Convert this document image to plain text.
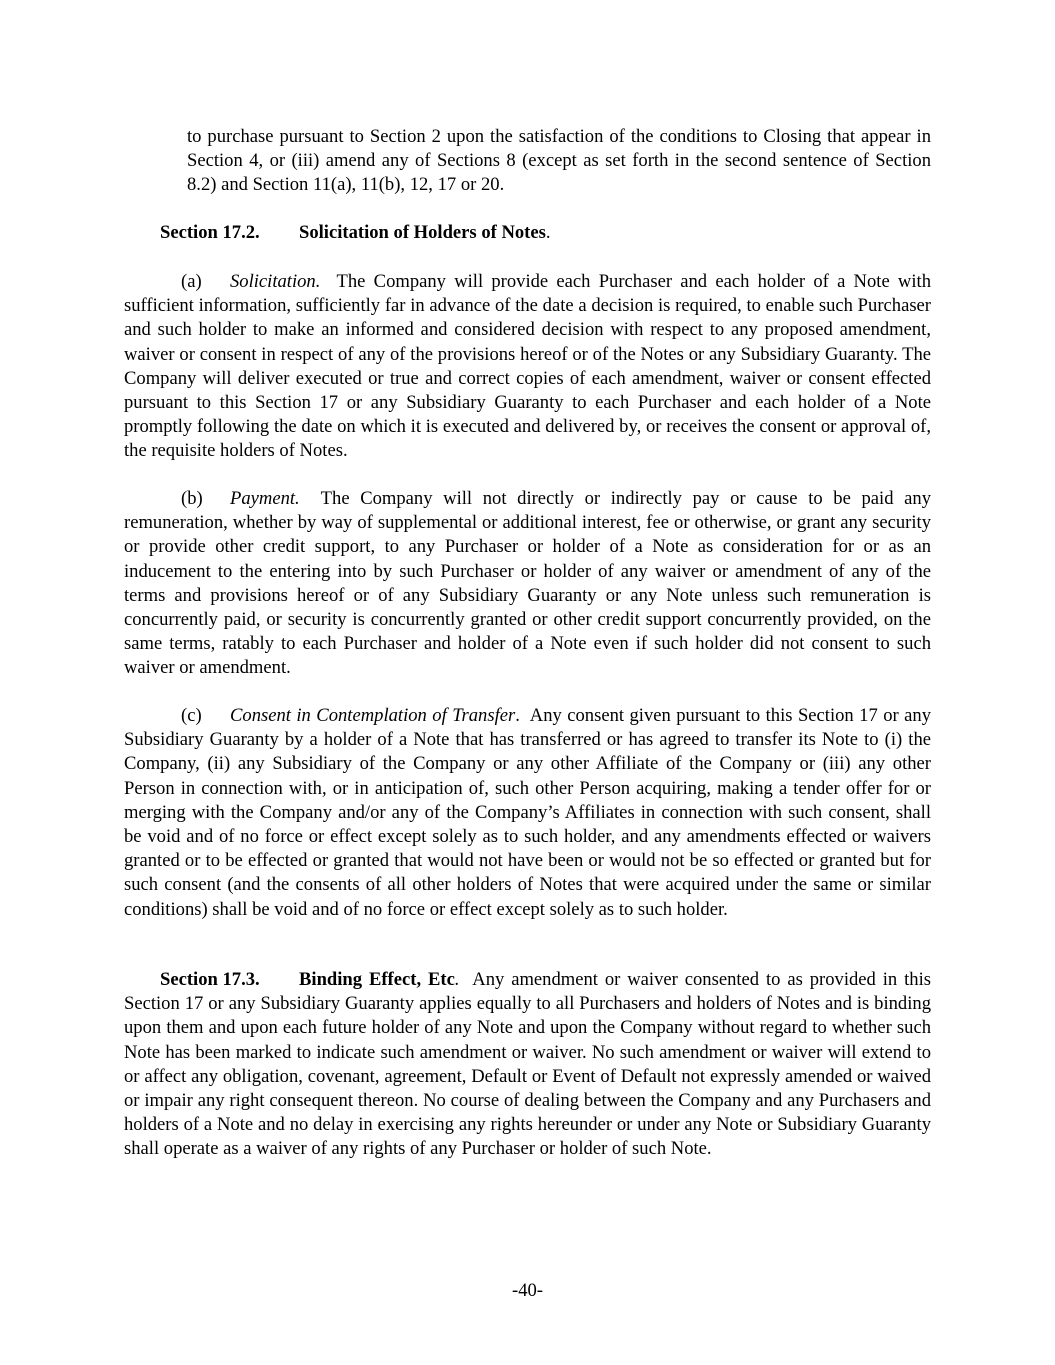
to purchase pursuant to Section 2 upon the satisfaction of the conditions to Closing that appear in Section 4, or (iii) amend any of Sections 8 (except as set forth in the second sentence of Section 8.2) and Section 11(a), 11(b), 12, 17 or 20.

Section 17.2. Solicitation of Holders of Notes.

(a) Solicitation. The Company will provide each Purchaser and each holder of a Note with sufficient information, sufficiently far in advance of the date a decision is required, to enable such Purchaser and such holder to make an informed and considered decision with respect to any proposed amendment, waiver or consent in respect of any of the provisions hereof or of the Notes or any Subsidiary Guaranty. The Company will deliver executed or true and correct copies of each amendment, waiver or consent effected pursuant to this Section 17 or any Subsidiary Guaranty to each Purchaser and each holder of a Note promptly following the date on which it is executed and delivered by, or receives the consent or approval of, the requisite holders of Notes.

(b) Payment. The Company will not directly or indirectly pay or cause to be paid any remuneration, whether by way of supplemental or additional interest, fee or otherwise, or grant any security or provide other credit support, to any Purchaser or holder of a Note as consideration for or as an inducement to the entering into by such Purchaser or holder of any waiver or amendment of any of the terms and provisions hereof or of any Subsidiary Guaranty or any Note unless such remuneration is concurrently paid, or security is concurrently granted or other credit support concurrently provided, on the same terms, ratably to each Purchaser and holder of a Note even if such holder did not consent to such waiver or amendment.

(c) Consent in Contemplation of Transfer. Any consent given pursuant to this Section 17 or any Subsidiary Guaranty by a holder of a Note that has transferred or has agreed to transfer its Note to (i) the Company, (ii) any Subsidiary of the Company or any other Affiliate of the Company or (iii) any other Person in connection with, or in anticipation of, such other Person acquiring, making a tender offer for or merging with the Company and/or any of the Company’s Affiliates in connection with such consent, shall be void and of no force or effect except solely as to such holder, and any amendments effected or waivers granted or to be effected or granted that would not have been or would not be so effected or granted but for such consent (and the consents of all other holders of Notes that were acquired under the same or similar conditions) shall be void and of no force or effect except solely as to such holder.

Section 17.3. Binding Effect, Etc. Any amendment or waiver consented to as provided in this Section 17 or any Subsidiary Guaranty applies equally to all Purchasers and holders of Notes and is binding upon them and upon each future holder of any Note and upon the Company without regard to whether such Note has been marked to indicate such amendment or waiver. No such amendment or waiver will extend to or affect any obligation, covenant, agreement, Default or Event of Default not expressly amended or waived or impair any right consequent thereon. No course of dealing between the Company and any Purchasers and holders of a Note and no delay in exercising any rights hereunder or under any Note or Subsidiary Guaranty shall operate as a waiver of any rights of any Purchaser or holder of such Note.

-40-
